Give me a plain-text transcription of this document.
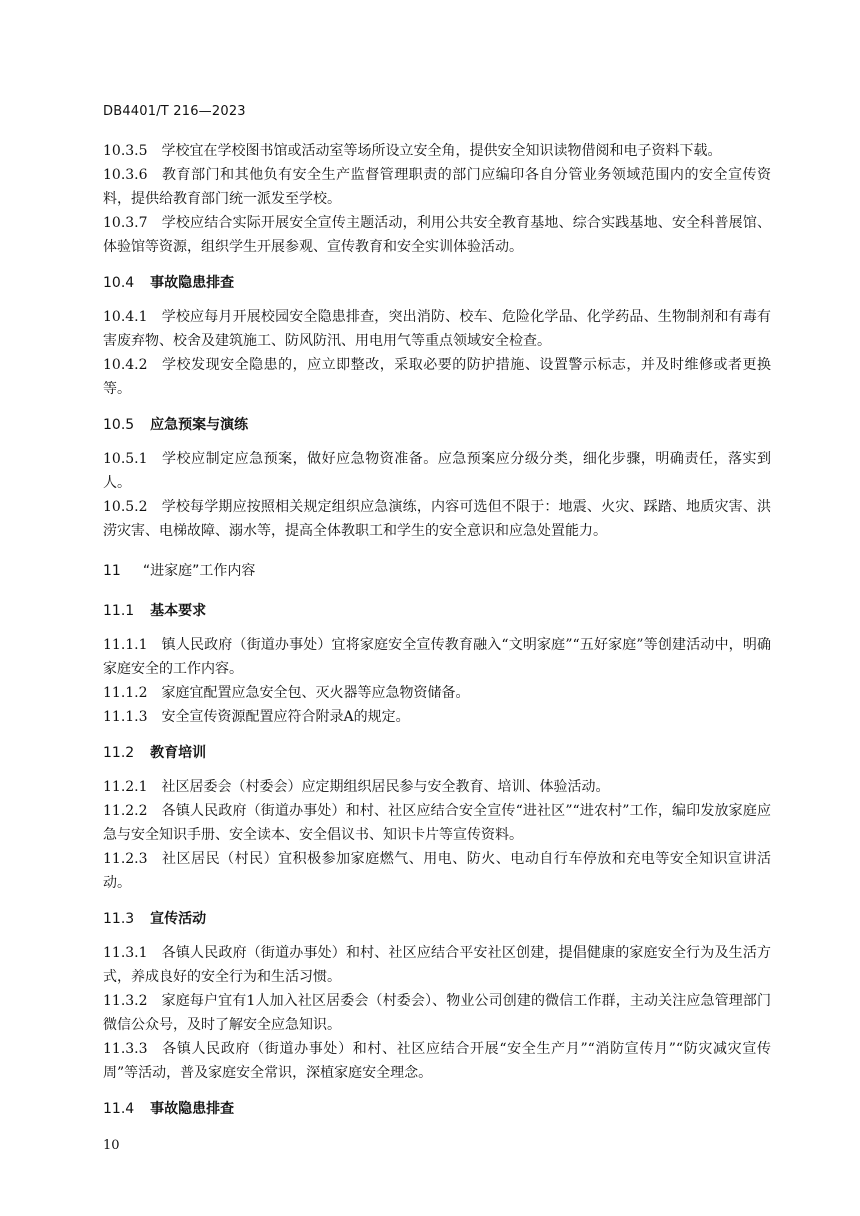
DB4401/T 216—2023
10.3.5 学校宜在学校图书馆或活动室等场所设立安全角，提供安全知识读物借阅和电子资料下载。
10.3.6 教育部门和其他负有安全生产监督管理职责的部门应编印各自分管业务领域范围内的安全宣传资料，提供给教育部门统一派发至学校。
10.3.7 学校应结合实际开展安全宣传主题活动，利用公共安全教育基地、综合实践基地、安全科普展馆、体验馆等资源，组织学生开展参观、宣传教育和安全实训体验活动。
10.4 事故隐患排查
10.4.1 学校应每月开展校园安全隐患排查，突出消防、校车、危险化学品、化学药品、生物制剂和有毒有害废弃物、校舍及建筑施工、防风防汛、用电用气等重点领域安全检查。
10.4.2 学校发现安全隐患的，应立即整改，采取必要的防护措施、设置警示标志，并及时维修或者更换等。
10.5 应急预案与演练
10.5.1 学校应制定应急预案，做好应急物资准备。应急预案应分级分类，细化步骤，明确责任，落实到人。
10.5.2 学校每学期应按照相关规定组织应急演练，内容可选但不限于：地震、火灾、踩踏、地质灾害、洪涝灾害、电梯故障、溺水等，提高全体教职工和学生的安全意识和应急处置能力。
11 “进家庭”工作内容
11.1 基本要求
11.1.1 镇人民政府（街道办事处）宜将家庭安全宣传教育融入“文明家庭”“五好家庭”等创建活动中，明确家庭安全的工作内容。
11.1.2 家庭宜配置应急安全包、灭火器等应急物资储备。
11.1.3 安全宣传资源配置应符合附录A的规定。
11.2 教育培训
11.2.1 社区居委会（村委会）应定期组织居民参与安全教育、培训、体验活动。
11.2.2 各镇人民政府（街道办事处）和村、社区应结合安全宣传“进社区”“进农村”工作，编印发放家庭应急与安全知识手册、安全读本、安全倡议书、知识卡片等宣传资料。
11.2.3 社区居民（村民）宜积极参加家庭燃气、用电、防火、电动自行车停放和充电等安全知识宣讲活动。
11.3 宣传活动
11.3.1 各镇人民政府（街道办事处）和村、社区应结合平安社区创建，提倡健康的家庭安全行为及生活方式，养成良好的安全行为和生活习惯。
11.3.2 家庭每户宜有1人加入社区居委会（村委会）、物业公司创建的微信工作群，主动关注应急管理部门微信公众号，及时了解安全应急知识。
11.3.3 各镇人民政府（街道办事处）和村、社区应结合开展“安全生产月”“消防宣传月”“防灾减灾宣传周”等活动，普及家庭安全常识，深植家庭安全理念。
11.4 事故隐患排查
10
